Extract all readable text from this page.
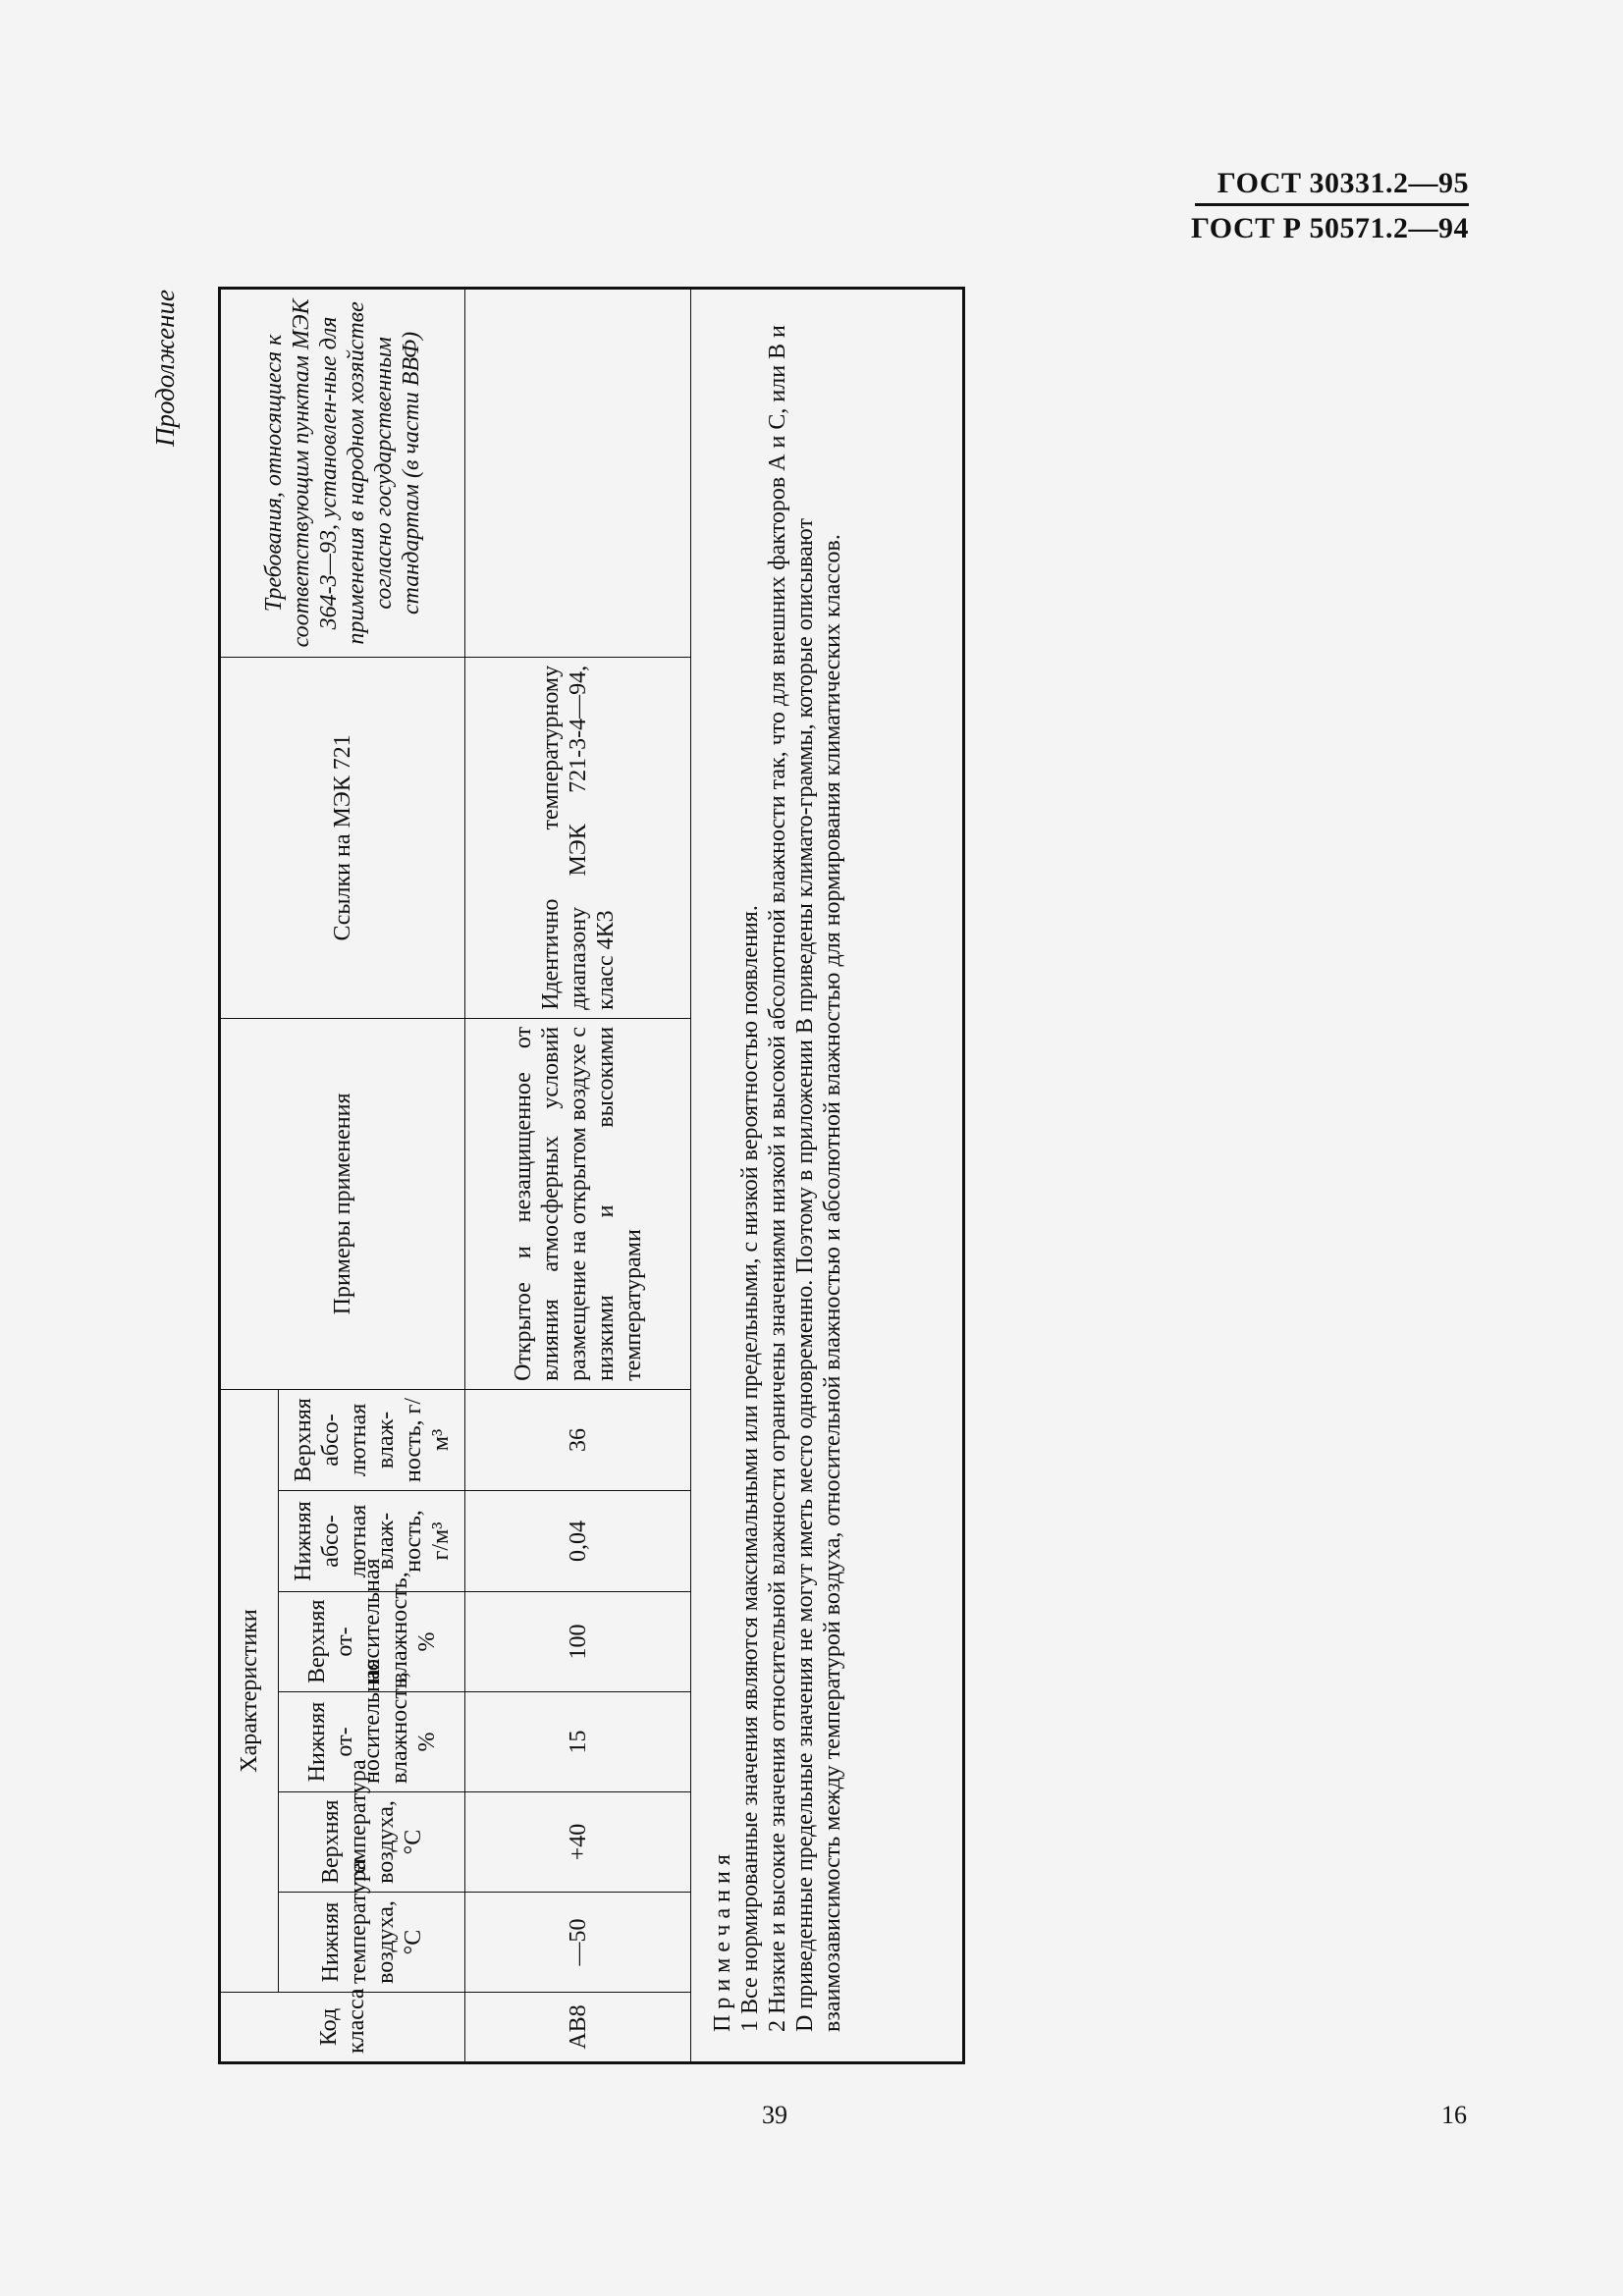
ГОСТ 30331.2—95
ГОСТ Р 50571.2—94
Продолжение
Код класса	Характеристики						Примеры применения	Ссылки на МЭК 721	Требования, относящиеся к соответствующим пунктам МЭК 364-3—93, установлен-ные для применения в народном хозяйстве согласно государственным стандартам (в части ВВФ)
	Нижняя температура воздуха, °С	Верхняя температура воздуха, °С	Нижняя от-носительная влажность, %	Верхняя от-носительная влажность, %	Нижняя абсо-лютная влаж-ность, г/м³	Верхняя абсо-лютная влаж-ность, г/м³			
АВ8	—50	+40	15	100	0,04	36	Открытое и незащищенное от влияния атмосферных условий размещение на открытом воздухе с низкими и высокими температурами	Идентично температурному диапазону МЭК 721-3-4—94, класс 4К3	

Примечания 1 Все нормированные значения являются максимальными или предельными, с низкой вероятностью появления. 2 Низкие и высокие значения относительной влажности ограничены значениями низкой и высокой абсолютной влажности так, что для внешних факторов А и С, или В и D приведенные предельные значения не могут иметь место одновременно. Поэтому в приложении В приведены климато-граммы, которые описывают взаимозависимость между температурой воздуха, относительной влажностью и абсолютной влажностью для нормирования климатических классов.									

39	16
